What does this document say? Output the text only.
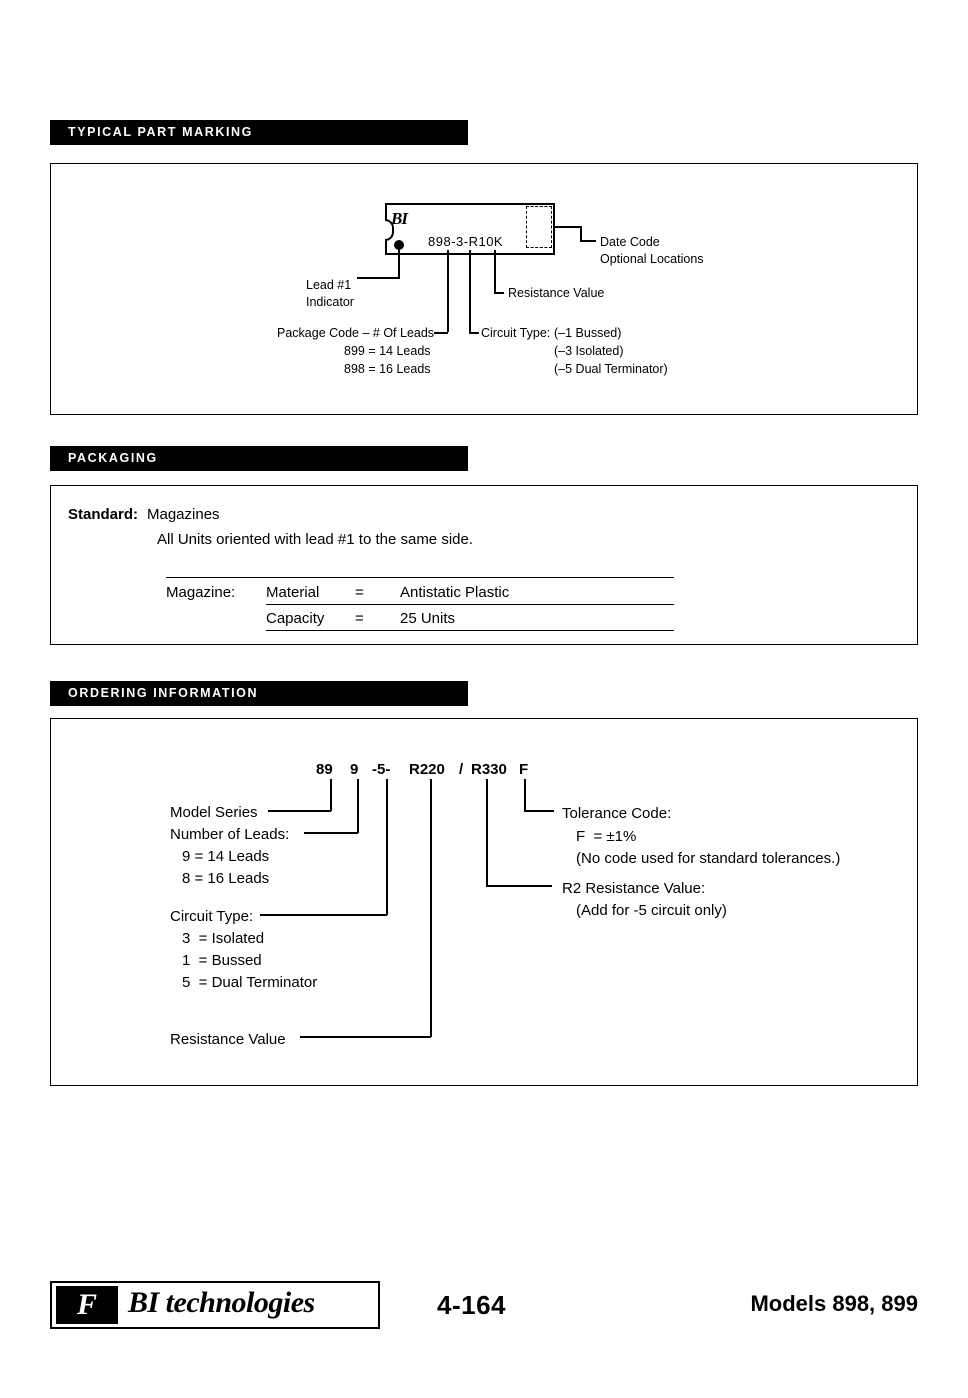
TYPICAL PART MARKING
BI
898-3-R10K	Date Code
Optional Locations
Resistance Value
Circuit Type: (–1 Bussed)
(–3 Isolated)
(–5 Dual Terminator)
Package Code – # Of Leads
899 = 14 Leads
898 = 16 Leads
Lead #1
Indicator
PACKAGING
Standard: Magazines
All Units oriented with lead #1 to the same side.
Magazine: Material = Antistatic Plastic
Capacity = 25 Units
ORDERING INFORMATION
89 9 -5- R220 / R330 F
Model Series
Number of Leads:
9 = 14 Leads
8 = 16 Leads
Circuit Type:
3  = Isolated
1  = Bussed
5  = Dual Terminator
Resistance Value
Tolerance Code:
F  = ±1%
(No code used for standard tolerances.)
R2 Resistance Value:
(Add for -5 circuit only)
F	BI technologies	4-164	Models 898, 899
